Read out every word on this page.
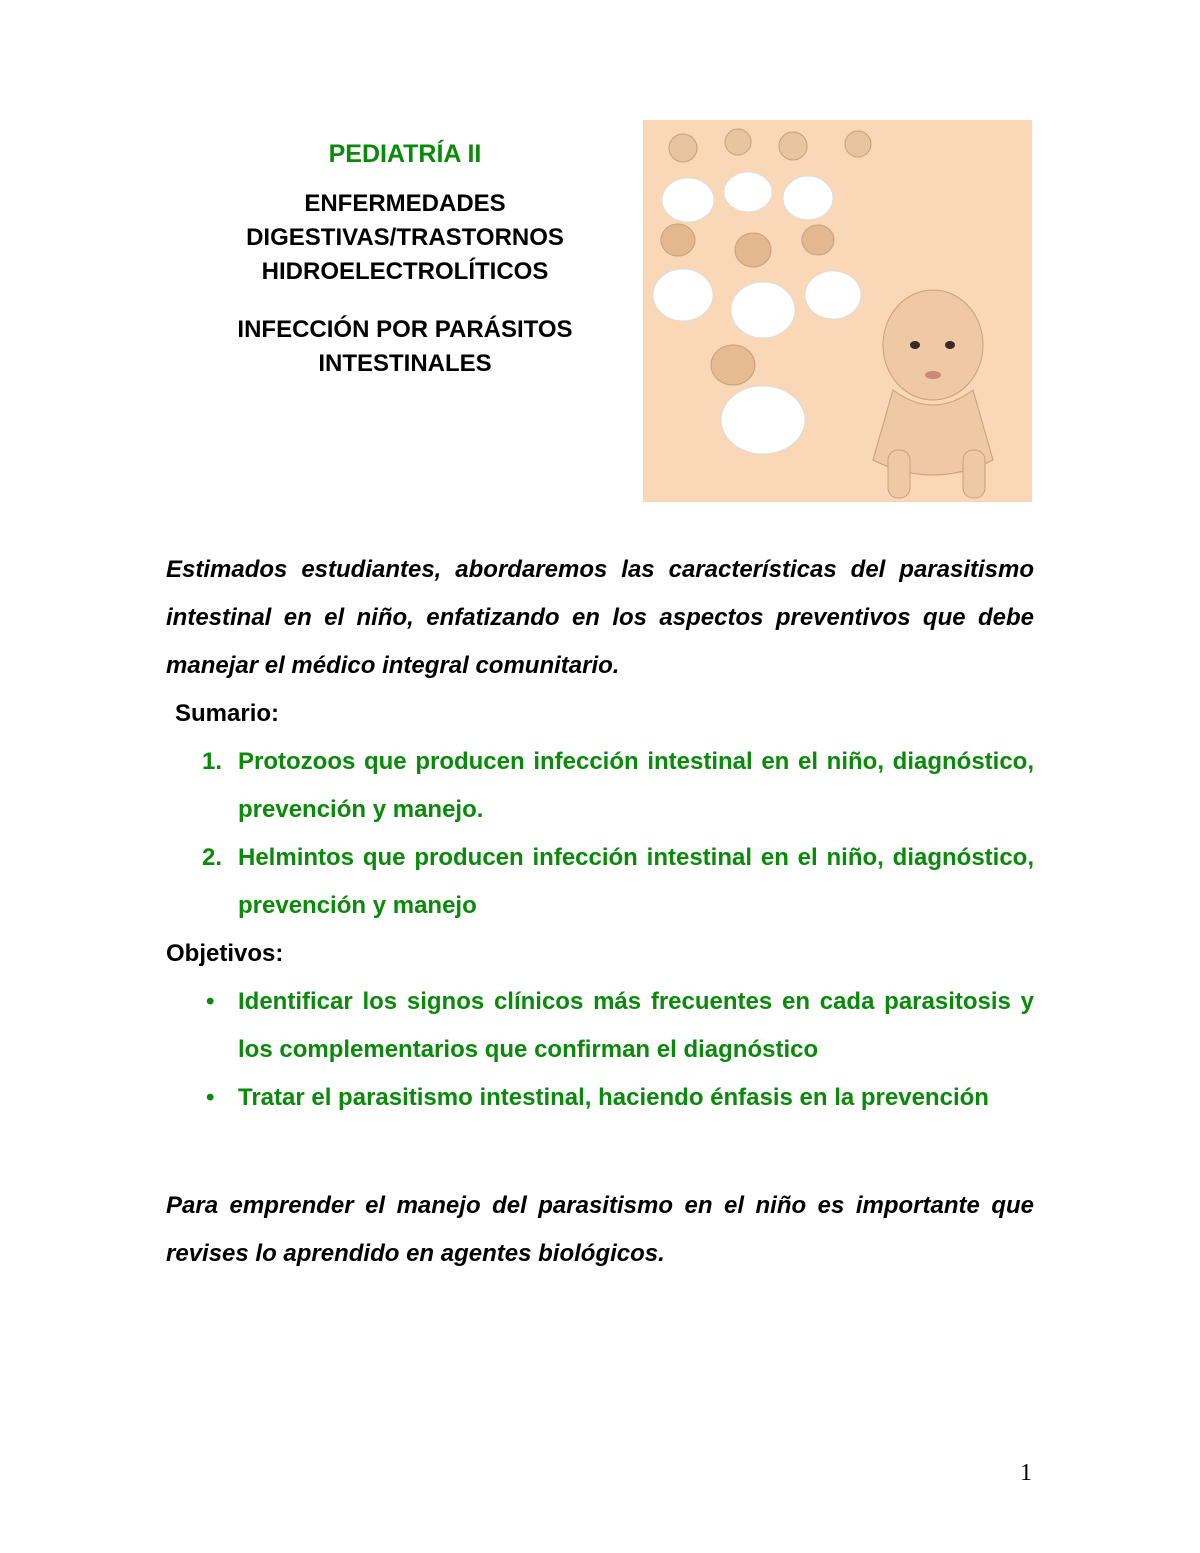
PEDIATRÍA II
ENFERMEDADES
DIGESTIVAS/TRASTORNOS
HIDROELECTROLÍTICOS
INFECCIÓN POR PARÁSITOS
INTESTINALES

Estimados estudiantes, abordaremos las características del parasitismo intestinal en el niño, enfatizando en los aspectos preventivos que debe manejar el médico integral comunitario.

Sumario:

1. Protozoos que producen infección intestinal en el niño, diagnóstico, prevención y manejo.
2. Helmintos que producen infección intestinal en el niño, diagnóstico, prevención y manejo

Objetivos:

• Identificar los signos clínicos más frecuentes en cada parasitosis y los complementarios que confirman el diagnóstico
• Tratar el parasitismo intestinal, haciendo énfasis en la prevención

Para emprender el manejo del parasitismo en el niño es importante que revises lo aprendido en agentes biológicos.

1
